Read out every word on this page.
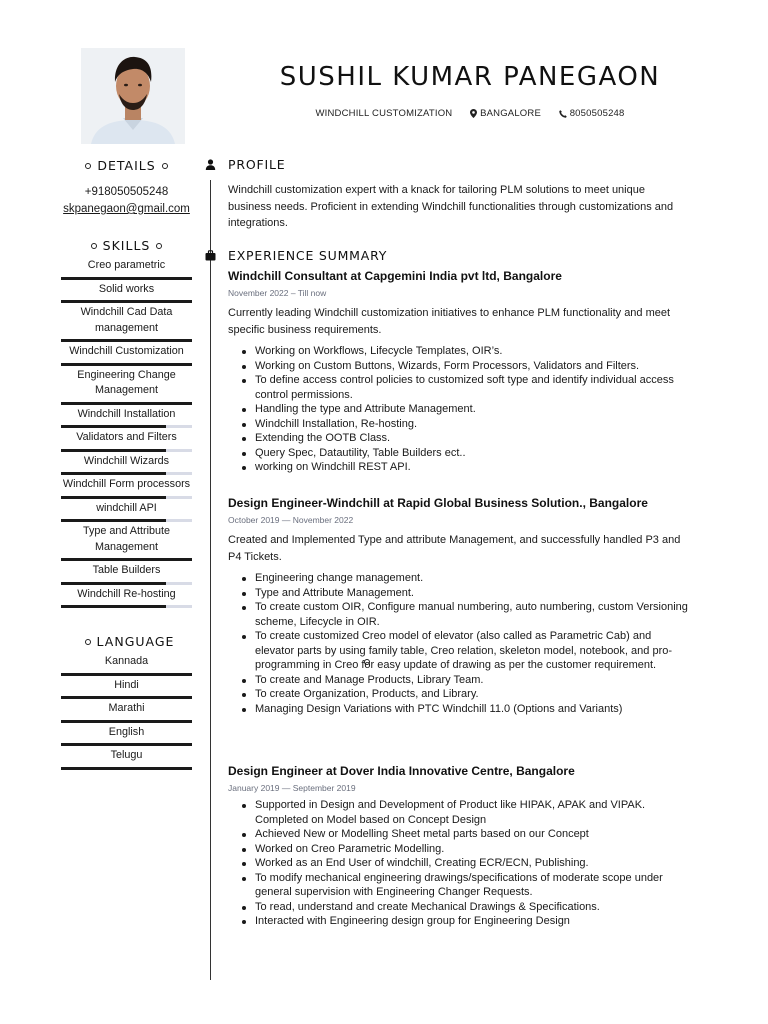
SUSHIL KUMAR PANEGAON
WINDCHILL CUSTOMIZATION	BANGALORE	8050505248
DETAILS
+918050505248
skpanegaon@gmail.com
SKILLS
Creo parametric
Solid works
Windchill Cad Data management
Windchill Customization
Engineering Change Management
Windchill Installation
Validators and Filters
Windchill Wizards
Windchill Form processors
windchill API
Type and Attribute Management
Table Builders
Windchill Re-hosting
LANGUAGE
Kannada
Hindi
Marathi
English
Telugu
PROFILE
Windchill customization expert with a knack for tailoring PLM solutions to meet unique business needs. Proficient in extending Windchill functionalities through customizations and integrations.
EXPERIENCE SUMMARY
Windchill Consultant at Capgemini India pvt ltd, Bangalore
November 2022 – Till now
Currently leading Windchill customization initiatives to enhance PLM functionality and meet specific business requirements.
Working on Workflows, Lifecycle Templates, OIR’s.
Working on Custom Buttons, Wizards, Form Processors, Validators and Filters.
To define access control policies to customized soft type and identify individual access control permissions.
Handling the type and Attribute Management.
Windchill Installation, Re-hosting.
Extending the OOTB Class.
Query Spec, Datautility, Table Builders ect..
working on Windchill REST API.
Design Engineer-Windchill at Rapid Global Business Solution., Bangalore
October 2019 — November 2022
Created and Implemented Type and attribute Management, and successfully handled P3 and P4 Tickets.
Engineering change management.
Type and Attribute Management.
To create custom OIR, Configure manual numbering, auto numbering, custom Versioning scheme, Lifecycle in OIR.
To create customized Creo model of elevator (also called as Parametric Cab) and elevator parts by using family table, Creo relation, skeleton model, notebook, and pro-programming in Creo for easy update of drawing as per the customer requirement.
To create and Manage Products, Library Team.
To create Organization, Products, and Library.
Managing Design Variations with PTC Windchill 11.0 (Options and Variants)
Design Engineer at Dover India Innovative Centre, Bangalore
January 2019 — September 2019
Supported in Design and Development of Product like HIPAK, APAK and VIPAK. Completed on Model based on Concept Design
Achieved New or Modelling Sheet metal parts based on our Concept
Worked on Creo Parametric Modelling.
Worked as an End User of windchill, Creating ECR/ECN, Publishing.
To modify mechanical engineering drawings/specifications of moderate scope under general supervision with Engineering Changer Requests.
To read, understand and create Mechanical Drawings & Specifications.
Interacted with Engineering design group for Engineering Design
